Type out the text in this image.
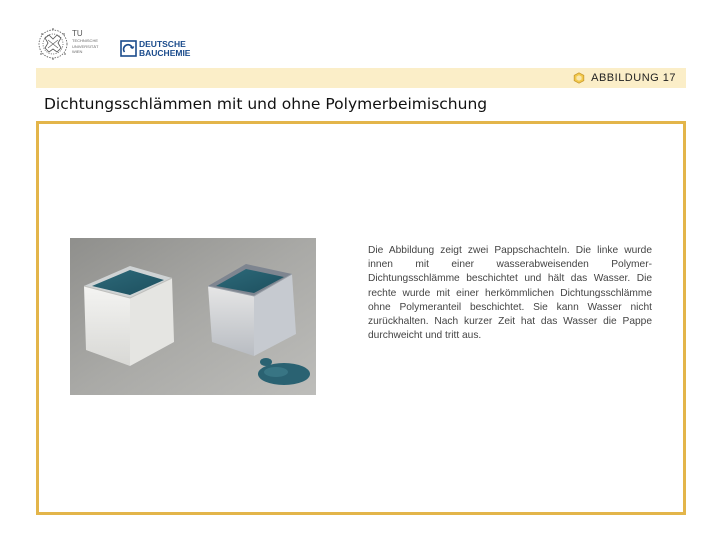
TU
TECHNISCHE
UNIVERSITÄT
WIEN
DEUTSCHE
BAUCHEMIE
ABBILDUNG 17
Dichtungsschlämmen mit und ohne Polymerbeimischung
Die Abbildung zeigt zwei Pappschachteln. Die linke wurde innen mit einer wasserabweisenden Polymer-Dichtungsschlämme beschichtet und hält das Wasser. Die rechte wurde mit einer herkömmlichen Dichtungsschlämme ohne Polymeranteil beschichtet. Sie kann Wasser nicht zurückhalten. Nach kurzer Zeit hat das Wasser die Pappe durchweicht und tritt aus.
